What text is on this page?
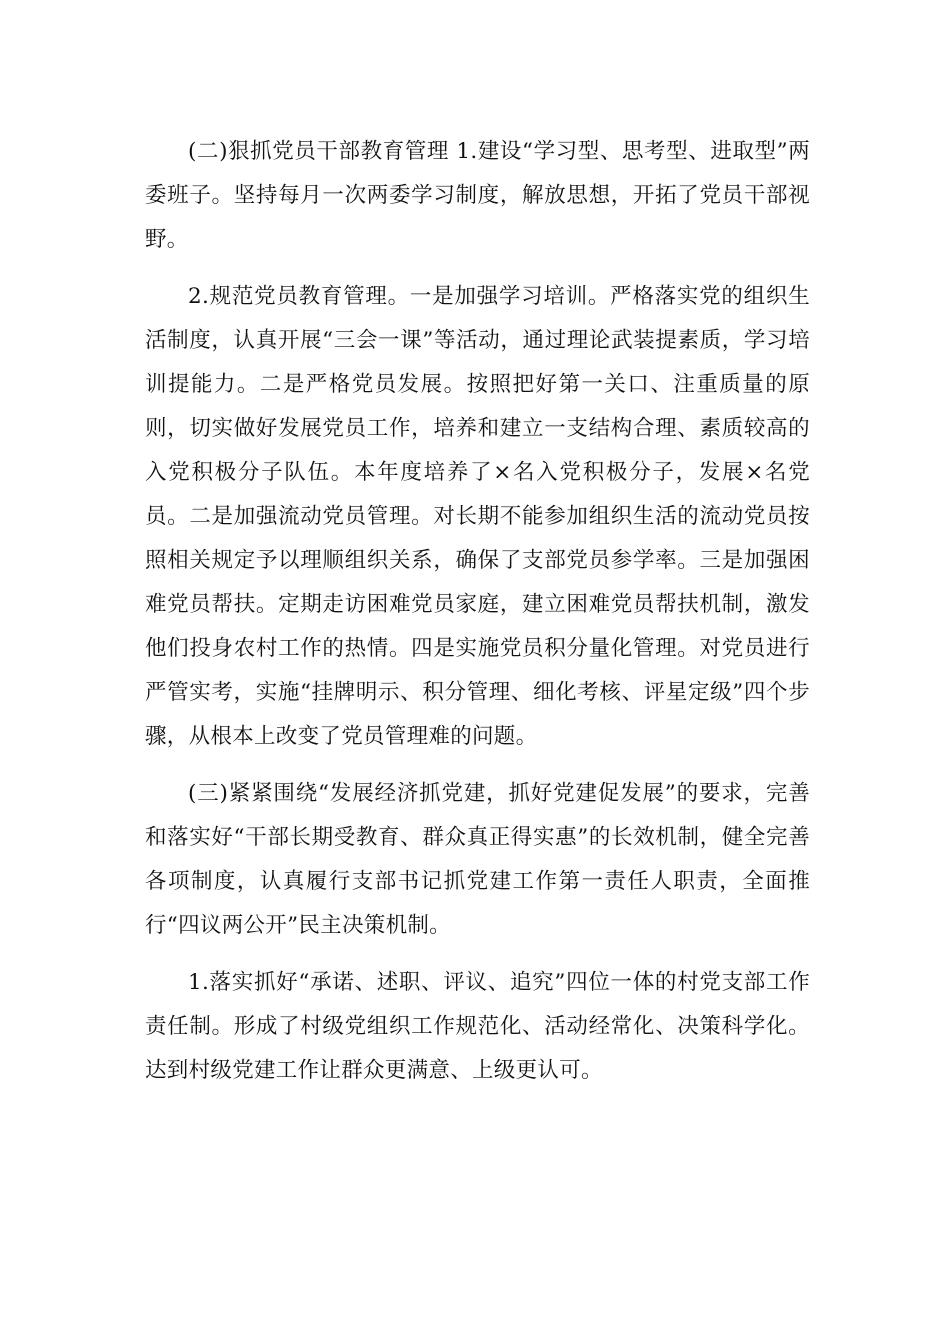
(二)狠抓党员干部教育管理 1.建设“学习型、思考型、进取型”两委班子。坚持每月一次两委学习制度，解放思想，开拓了党员干部视野。

2.规范党员教育管理。一是加强学习培训。严格落实党的组织生活制度，认真开展“三会一课”等活动，通过理论武装提素质，学习培训提能力。二是严格党员发展。按照把好第一关口、注重质量的原则，切实做好发展党员工作，培养和建立一支结构合理、素质较高的入党积极分子队伍。本年度培养了×名入党积极分子，发展×名党员。二是加强流动党员管理。对长期不能参加组织生活的流动党员按照相关规定予以理顺组织关系，确保了支部党员参学率。三是加强困难党员帮扶。定期走访困难党员家庭，建立困难党员帮扶机制，激发他们投身农村工作的热情。四是实施党员积分量化管理。对党员进行严管实考，实施“挂牌明示、积分管理、细化考核、评星定级”四个步骤，从根本上改变了党员管理难的问题。

(三)紧紧围绕“发展经济抓党建，抓好党建促发展”的要求，完善和落实好“干部长期受教育、群众真正得实惠”的长效机制，健全完善各项制度，认真履行支部书记抓党建工作第一责任人职责，全面推行“四议两公开”民主决策机制。

1.落实抓好“承诺、述职、评议、追究”四位一体的村党支部工作责任制。形成了村级党组织工作规范化、活动经常化、决策科学化。达到村级党建工作让群众更满意、上级更认可。
